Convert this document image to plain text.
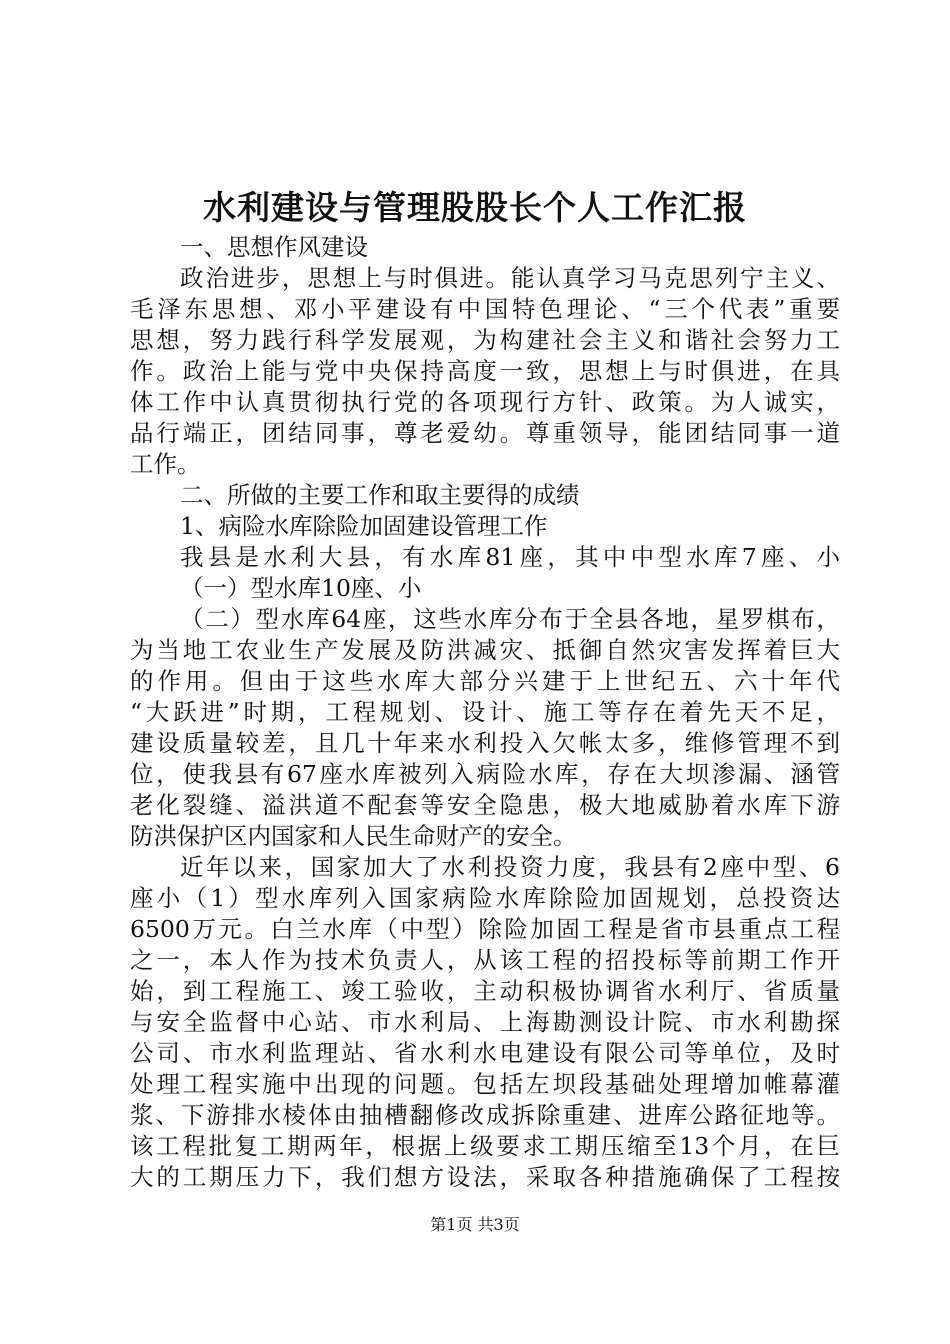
水利建设与管理股股长个人工作汇报
一、思想作风建设
政治进步，思想上与时俱进。能认真学习马克思列宁主义、
毛泽东思想、邓小平建设有中国特色理论、“三个代表”重要
思想，努力践行科学发展观，为构建社会主义和谐社会努力工
作。政治上能与党中央保持高度一致，思想上与时俱进，在具
体工作中认真贯彻执行党的各项现行方针、政策。为人诚实，
品行端正，团结同事，尊老爱幼。尊重领导，能团结同事一道
工作。
二、所做的主要工作和取主要得的成绩
1、病险水库除险加固建设管理工作
我县是水利大县，有水库81座，其中中型水库7座、小
（一）型水库10座、小
（二）型水库64座，这些水库分布于全县各地，星罗棋布，
为当地工农业生产发展及防洪减灾、抵御自然灾害发挥着巨大
的作用。但由于这些水库大部分兴建于上世纪五、六十年代
“大跃进”时期，工程规划、设计、施工等存在着先天不足，
建设质量较差，且几十年来水利投入欠帐太多，维修管理不到
位，使我县有67座水库被列入病险水库，存在大坝渗漏、涵管
老化裂缝、溢洪道不配套等安全隐患，极大地威胁着水库下游
防洪保护区内国家和人民生命财产的安全。
近年以来，国家加大了水利投资力度，我县有2座中型、6
座小（1）型水库列入国家病险水库除险加固规划，总投资达
6500万元。白兰水库（中型）除险加固工程是省市县重点工程
之一，本人作为技术负责人，从该工程的招投标等前期工作开
始，到工程施工、竣工验收，主动积极协调省水利厅、省质量
与安全监督中心站、市水利局、上海勘测设计院、市水利勘探
公司、市水利监理站、省水利水电建设有限公司等单位，及时
处理工程实施中出现的问题。包括左坝段基础处理增加帷幕灌
浆、下游排水棱体由抽槽翻修改成拆除重建、进库公路征地等。
该工程批复工期两年，根据上级要求工期压缩至13个月，在巨
大的工期压力下，我们想方设法，采取各种措施确保了工程按
第1页 共3页
